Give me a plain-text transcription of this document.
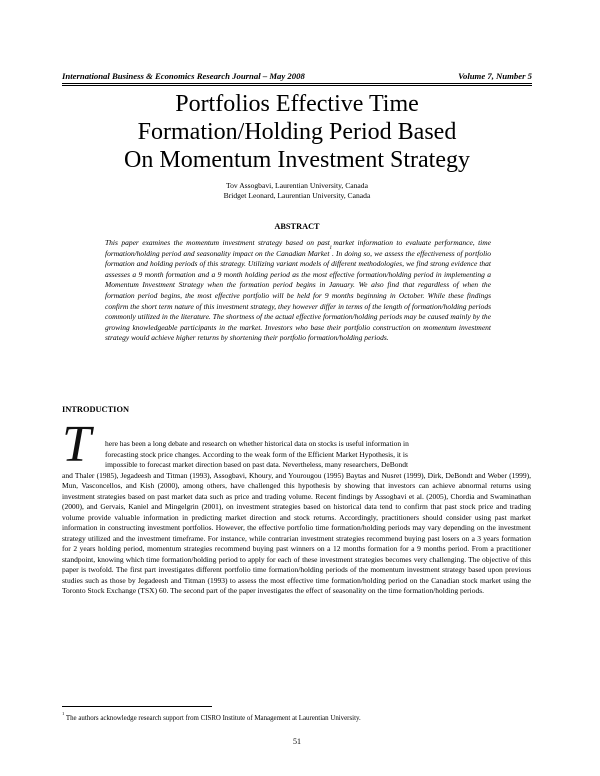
International Business & Economics Research Journal – May 2008	Volume 7, Number 5
Portfolios Effective Time
Formation/Holding Period Based
On Momentum Investment Strategy
Tov Assogbavi, Laurentian University, Canada
Bridget Leonard, Laurentian University, Canada
ABSTRACT
This paper examines the momentum investment strategy based on past market information to evaluate performance, time formation/holding period and seasonality impact on the Canadian Market$^1$. In doing so, we assess the effectiveness of portfolio formation and holding periods of this strategy. Utilizing variant models of different methodologies, we find strong evidence that assesses a 9 month formation and a 9 month holding period as the most effective formation/holding period in implementing a Momentum Investment Strategy when the formation period begins in January. We also find that regardless of when the formation period begins, the most effective portfolio will be held for 9 months beginning in October. While these findings confirm the short term nature of this investment strategy, they however differ in terms of the length of formation/holding periods commonly utilized in the literature. The shortness of the actual effective formation/holding periods may be caused mainly by the growing knowledgeable participants in the market. Investors who base their portfolio construction on momentum investment strategy would achieve higher returns by shortening their portfolio formation/holding periods.
INTRODUCTION
T	here has been a long debate and research on whether historical data on stocks is useful information in
forecasting stock price changes. According to the weak form of the Efficient Market Hypothesis, it is
impossible to forecast market direction based on past data. Nevertheless, many researchers, DeBondt
and Thaler (1985), Jegadeesh and Titman (1993), Assogbavi, Khoury, and Yourougou (1995) Baytas and Nusret (1999), Dirk, DeBondt and Weber (1999), Mun, Vasconcellos, and Kish (2000), among others, have challenged this hypothesis by showing that investors can achieve abnormal returns using investment strategies based on past market data such as price and trading volume. Recent findings by Assogbavi et al. (2005), Chordia and Swaminathan (2000), and Gervais, Kaniel and Mingelgrin (2001), on investment strategies based on historical data tend to confirm that past stock price and trading volume provide valuable information in predicting market direction and stock returns. Accordingly, practitioners should consider using past market information in constructing investment portfolios. However, the effective portfolio time formation/holding periods may vary depending on the investment strategy utilized and the investment timeframe. For instance, while contrarian investment strategies recommend buying past losers on a 3 years formation for 2 years holding period, momentum strategies recommend buying past winners on a 12 months formation for a 9 months period. From a practitioner standpoint, knowing which time formation/holding period to apply for each of these investment strategies becomes very challenging. The objective of this paper is twofold. The first part investigates different portfolio time formation/holding periods of the momentum investment strategy based upon previous studies such as those by Jegadeesh and Titman (1993) to assess the most effective time formation/holding period on the Canadian stock market using the Toronto Stock Exchange (TSX) 60. The second part of the paper investigates the effect of seasonality on the time formation/holding periods.
$^1$ The authors acknowledge research support from CISRO Institute of Management at Laurentian University.
51
